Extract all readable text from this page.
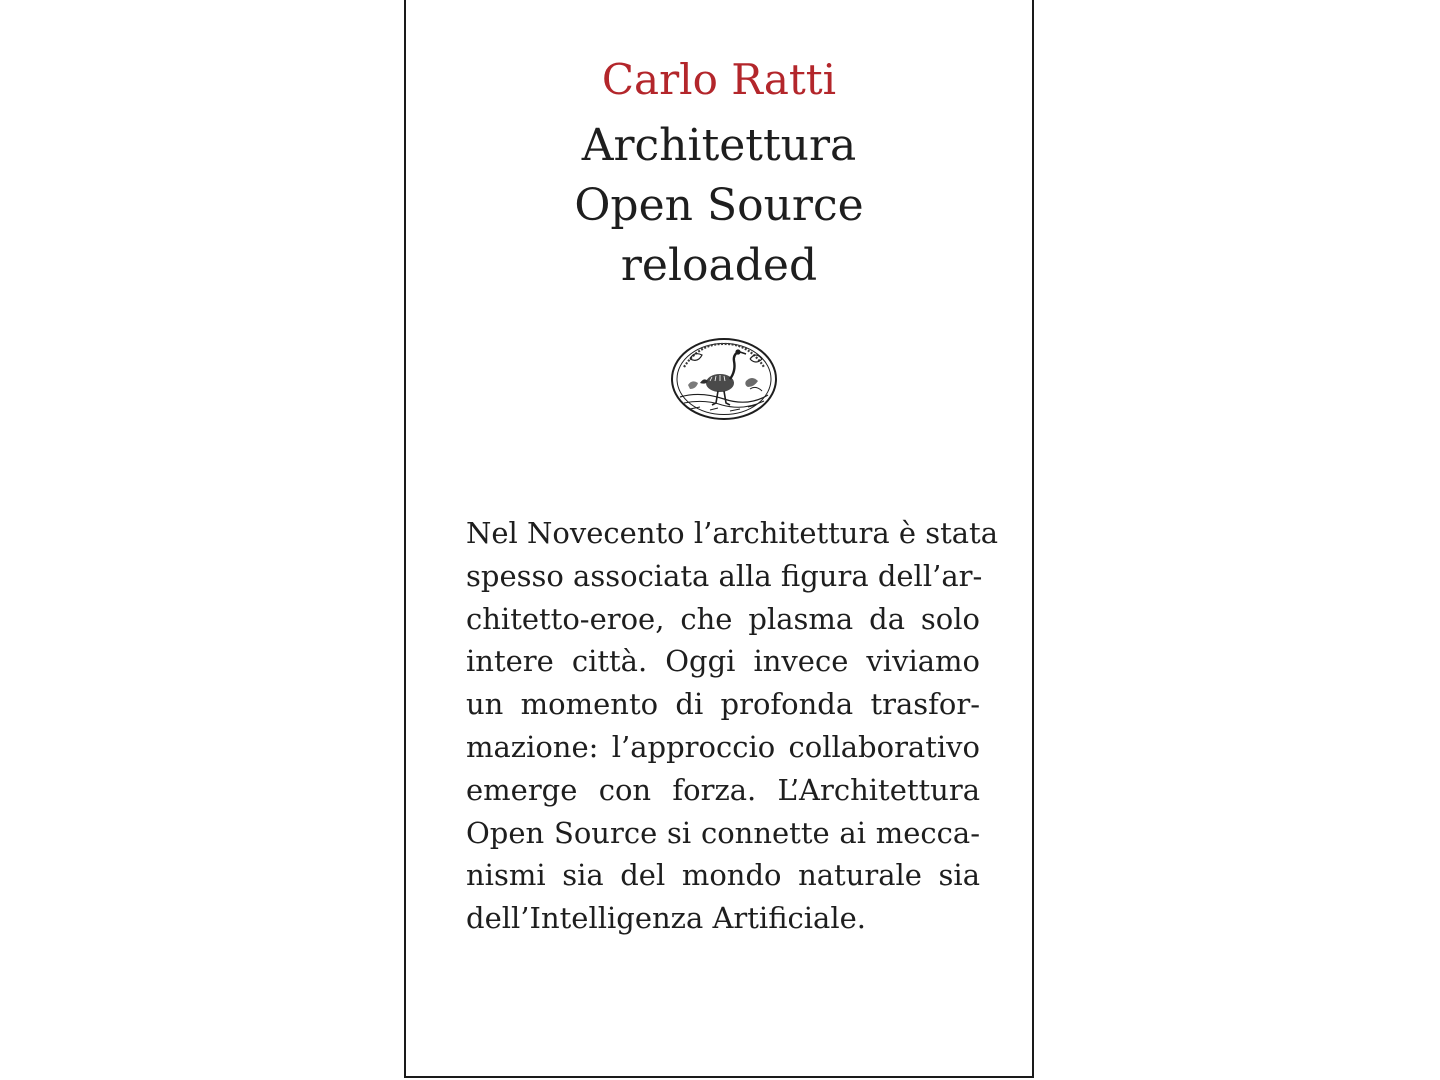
Carlo Ratti
Architettura
Open Source
reloaded

Nel Novecento l’architettura è stata
spesso associata alla figura dell’ar-
chitetto-eroe, che plasma da solo
intere città. Oggi invece viviamo
un momento di profonda trasfor-
mazione: l’approccio collaborativo
emerge con forza. L’Architettura
Open Source si connette ai mecca-
nismi sia del mondo naturale sia
dell’Intelligenza Artificiale.
